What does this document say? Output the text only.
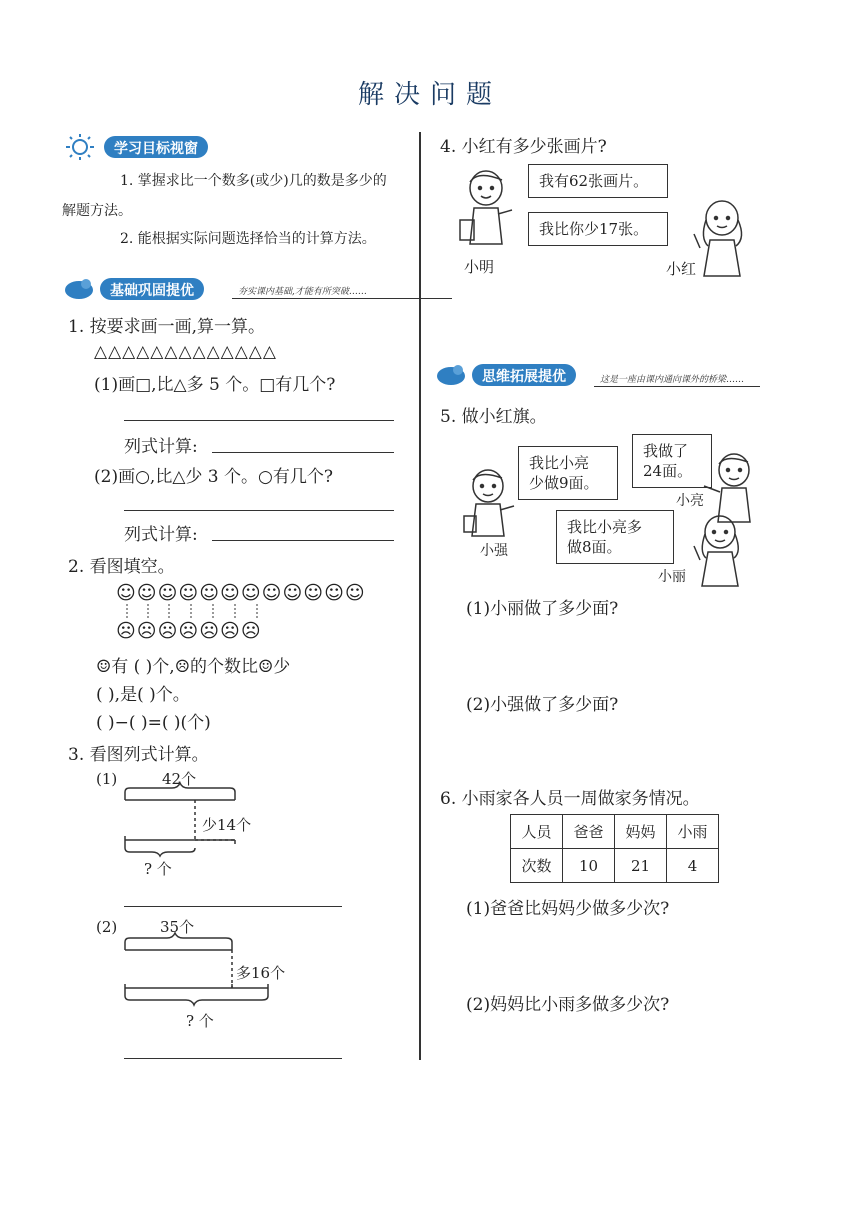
解决问题
学习目标视窗
1. 掌握求比一个数多(或少)几的数是多少的
解题方法。
2. 能根据实际问题选择恰当的计算方法。
基础巩固提优	夯实课内基础,才能有所突破……
1. 按要求画一画,算一算。
△△△△△△△△△△△△△
(1)画□,比△多 5 个。□有几个?
列式计算:
(2)画○,比△少 3 个。○有几个?
列式计算:
2. 看图填空。
☺☺☺☺☺☺☺☺☺☺☺☺
☹☹☹☹☹☹☹
☺有 ( )个,☹的个数比☺少
( ),是( )个。
( )−( )=( )(个)
3. 看图列式计算。
(1)	42个
少14个
? 个
(2)	35个
多16个
? 个
4. 小红有多少张画片?
我有62张画片。
我比你少17张。
小明	小红
思维拓展提优	这是一座由课内通向课外的桥梁……
5. 做小红旗。
我比小亮
少做9面。
我做了
24面。
小亮
我比小亮多
做8面。
小强
小丽
(1)小丽做了多少面?
(2)小强做了多少面?
6. 小雨家各人员一周做家务情况。
人员	爸爸	妈妈	小雨
次数	10	21	4
(1)爸爸比妈妈少做多少次?
(2)妈妈比小雨多做多少次?
